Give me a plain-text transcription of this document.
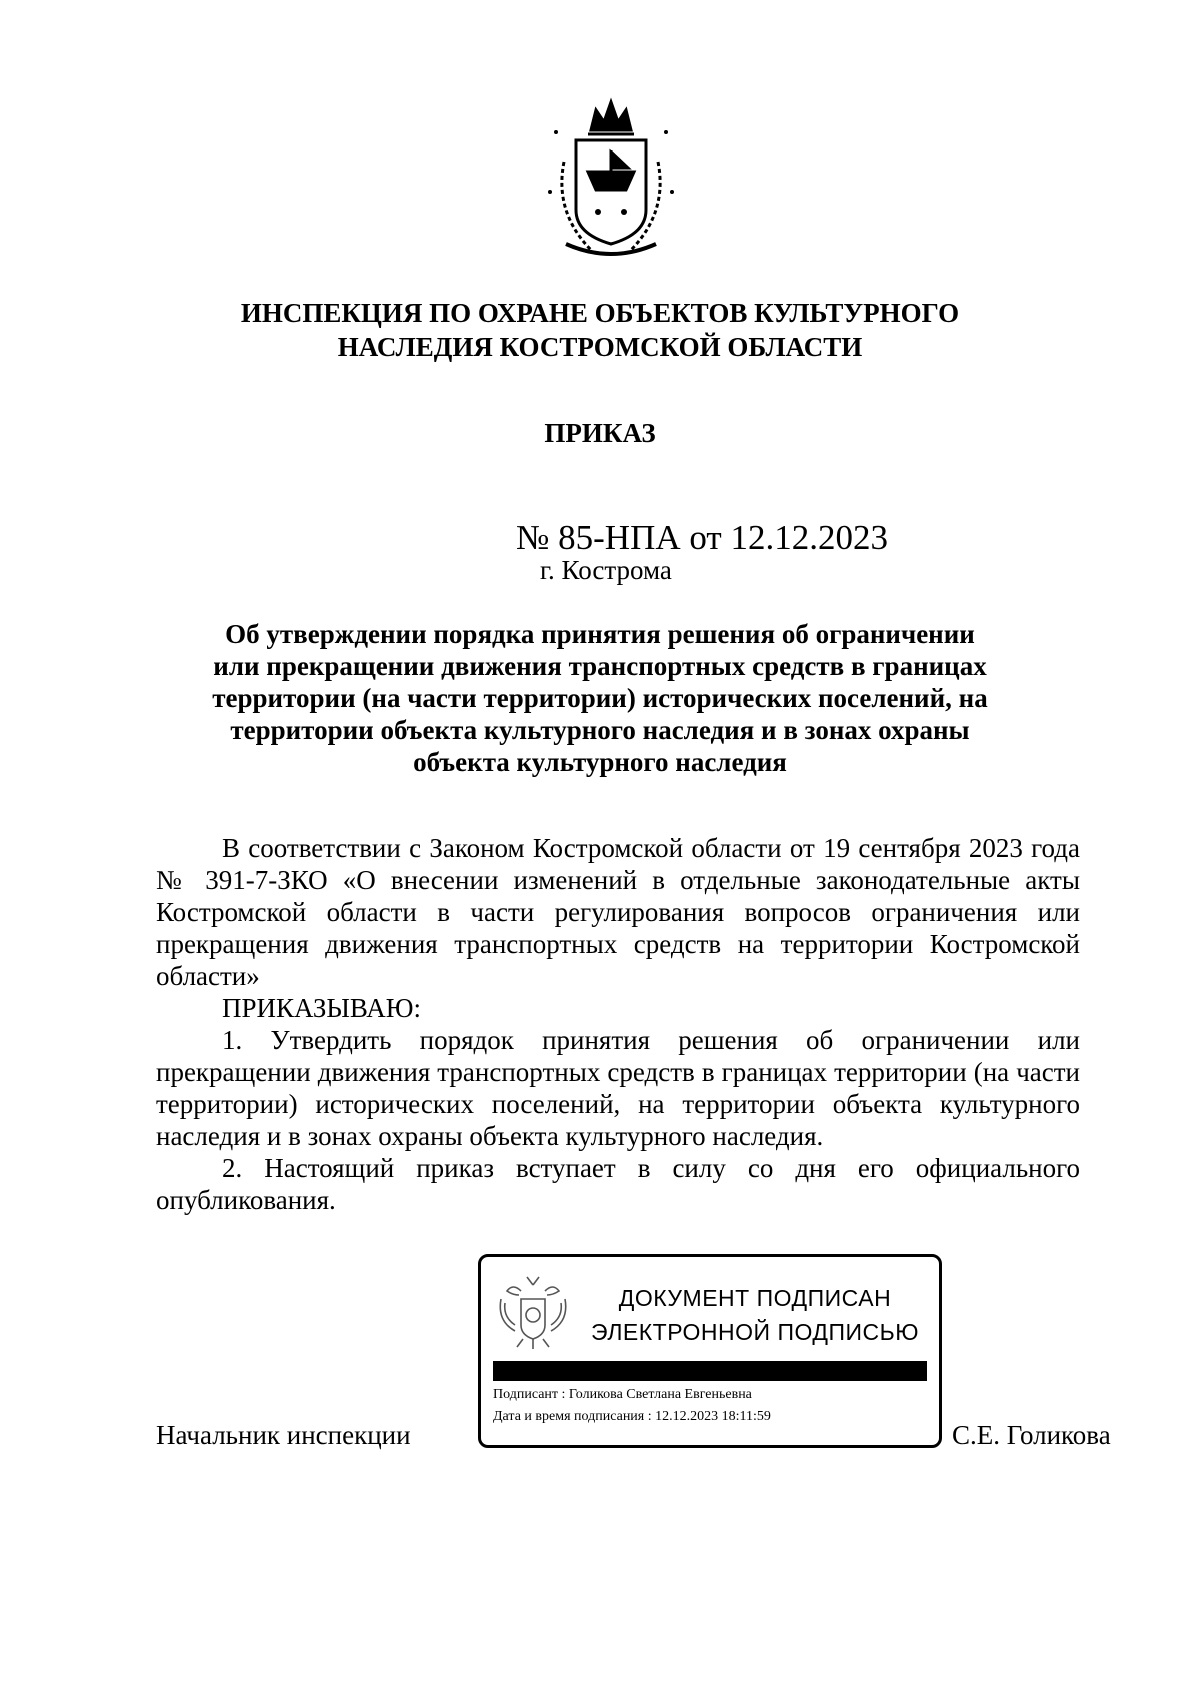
ИНСПЕКЦИЯ ПО ОХРАНЕ ОБЪЕКТОВ КУЛЬТУРНОГО
НАСЛЕДИЯ КОСТРОМСКОЙ ОБЛАСТИ
ПРИКАЗ
№ 85-НПА от 12.12.2023
г. Кострома
Об утверждении порядка принятия решения об ограничении
или прекращении движения транспортных средств в границах
территории (на части территории) исторических поселений, на
территории объекта культурного наследия и в зонах охраны
объекта культурного наследия

В соответствии с Законом Костромской области от 19 сентября 2023 года № 391-7-ЗКО «О внесении изменений в отдельные законодательные акты Костромской области в части регулирования вопросов ограничения или прекращения движения транспортных средств на территории Костромской области»

ПРИКАЗЫВАЮ:

1. Утвердить порядок принятия решения об ограничении или прекращении движения транспортных средств в границах территории (на части территории) исторических поселений, на территории объекта культурного наследия и в зонах охраны объекта культурного наследия.

2. Настоящий приказ вступает в силу со дня его официального опубликования.

ДОКУМЕНТ ПОДПИСАН
ЭЛЕКТРОННОЙ ПОДПИСЬЮ
Подписант : Голикова Светлана Евгеньевна
Дата и время подписания : 12.12.2023 18:11:59
Начальник инспекции	С.Е. Голикова
